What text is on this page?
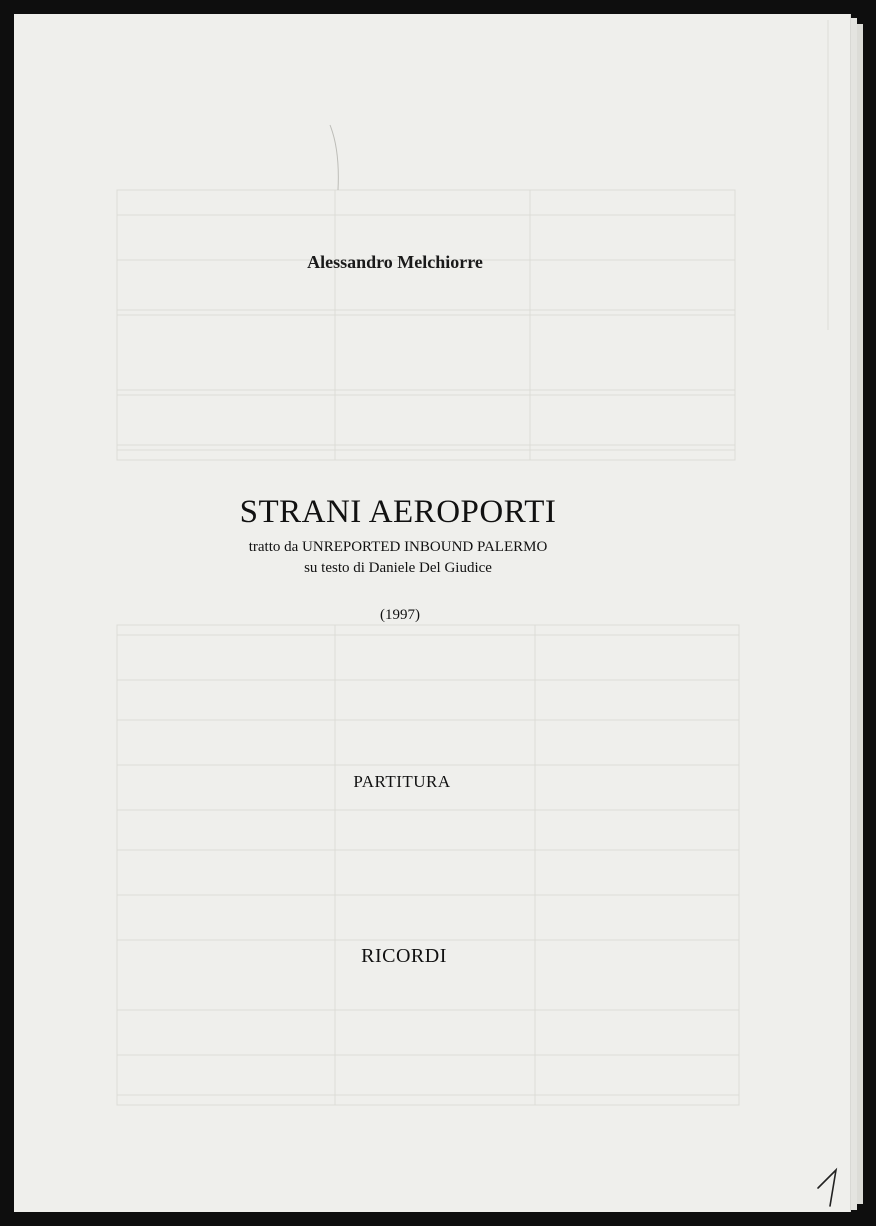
Alessandro Melchiorre
STRANI AEROPORTI
tratto da UNREPORTED INBOUND PALERMO
su testo di Daniele Del Giudice
(1997)
PARTITURA
RICORDI
